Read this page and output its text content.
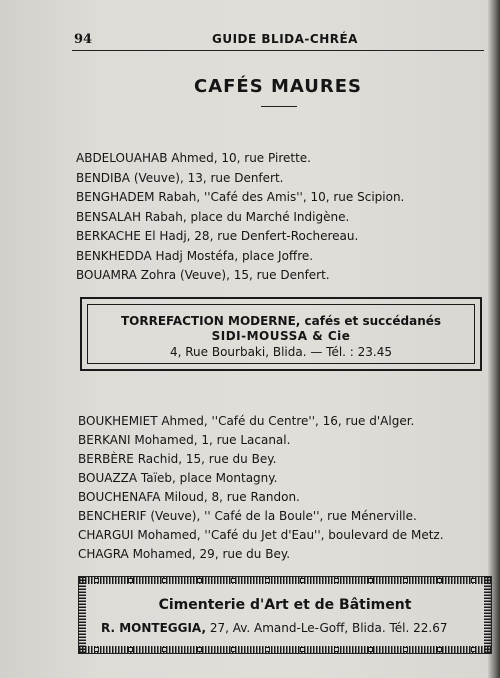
94	GUIDE BLIDA-CHRÉA
CAFÉS MAURES
ABDELOUAHAB Ahmed, 10, rue Pirette.
BENDIBA (Veuve), 13, rue Denfert.
BENGHADEM Rabah, ''Café des Amis'', 10, rue Scipion.
BENSALAH Rabah, place du Marché Indigène.
BERKACHE El Hadj, 28, rue Denfert-Rochereau.
BENKHEDDA Hadj Mostéfa, place Joffre.
BOUAMRA Zohra (Veuve), 15, rue Denfert.
TORREFACTION MODERNE, cafés et succédanés
SIDI-MOUSSA & Cie
4, Rue Bourbaki, Blida. — Tél. : 23.45
BOUKHEMIET Ahmed, ''Café du Centre'', 16, rue d'Alger.
BERKANI Mohamed, 1, rue Lacanal.
BERBÈRE Rachid, 15, rue du Bey.
BOUAZZA Taïeb, place Montagny.
BOUCHENAFA Miloud, 8, rue Randon.
BENCHERIF (Veuve), '' Café de la Boule'', rue Ménerville.
CHARGUI Mohamed, ''Café du Jet d'Eau'', boulevard de Metz.
CHAGRA Mohamed, 29, rue du Bey.
Cimenterie d'Art et de Bâtiment
R. MONTEGGIA, 27, Av. Amand-Le-Goff, Blida. Tél. 22.67
